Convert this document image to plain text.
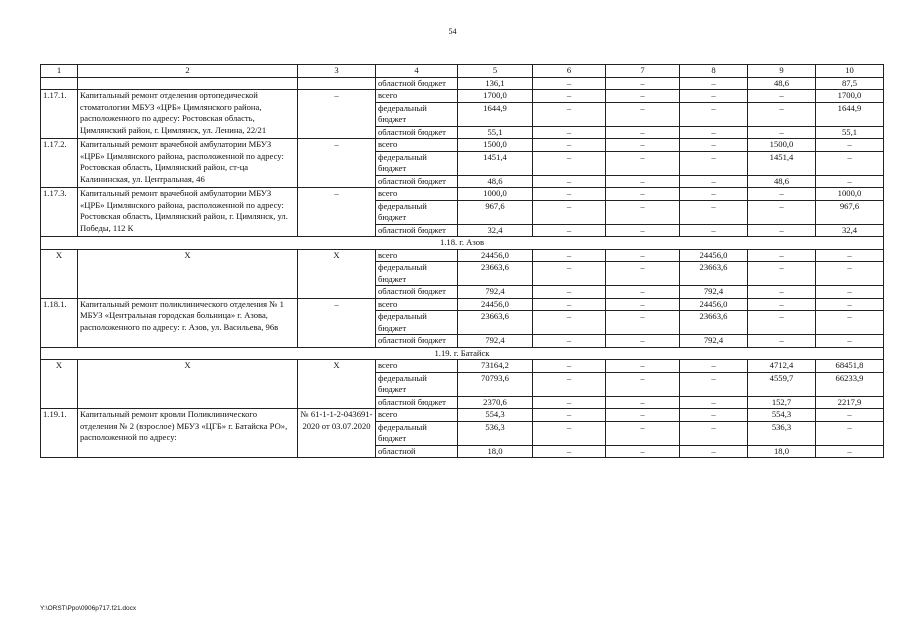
54
1	2	3	4	5	6	7	8	9	10
			областной бюджет	136,1	–	–	–	48,6	87,5
1.17.1.	Капитальный ремонт отделения ортопедической стоматологии МБУЗ «ЦРБ» Цимлянского района, расположенного по адресу: Ростовская область, Цимлянский район, г. Цимлянск, ул. Ленина, 22/21	–	всего	1700,0	–	–	–	–	1700,0
			федеральный бюджет	1644,9	–	–	–	–	1644,9
			областной бюджет	55,1	–	–	–	–	55,1
1.17.2.	Капитальный ремонт врачебной амбулатории МБУЗ «ЦРБ» Цимлянского района, расположенной по адресу: Ростовская область, Цимлянский район, ст-ца Калининская, ул. Центральная, 46	–	всего	1500,0	–	–	–	1500,0	–
			федеральный бюджет	1451,4	–	–	–	1451,4	–
			областной бюджет	48,6	–	–	–	48,6	–
1.17.3.	Капитальный ремонт врачебной амбулатории МБУЗ «ЦРБ» Цимлянского района, расположенной по адресу: Ростовская область, Цимлянский район, г. Цимлянск, ул. Победы, 112 К	–	всего	1000,0	–	–	–	–	1000,0
			федеральный бюджет	967,6	–	–	–	–	967,6
			областной бюджет	32,4	–	–	–	–	32,4
1.18. г. Азов									
Х	Х	Х	всего	24456,0	–	–	24456,0	–	–
			федеральный бюджет	23663,6	–	–	23663,6	–	–
			областной бюджет	792,4	–	–	792,4	–	–
1.18.1.	Капитальный ремонт поликлинического отделения № 1 МБУЗ «Центральная городская больница» г. Азова, расположенного по адресу: г. Азов, ул. Васильева, 96в	–	всего	24456,0	–	–	24456,0	–	–
			федеральный бюджет	23663,6	–	–	23663,6	–	–
			областной бюджет	792,4	–	–	792,4	–	–
1.19. г. Батайск									
Х	Х	Х	всего	73164,2	–	–	–	4712,4	68451,8
			федеральный бюджет	70793,6	–	–	–	4559,7	66233,9
			областной бюджет	2370,6	–	–	–	152,7	2217,9
1.19.1.	Капитальный ремонт кровли Поликлинического отделения № 2 (взрослое) МБУЗ «ЦГБ» г. Батайска РО», расположенной по адресу:	№ 61-1-1-2-043691-2020 от 03.07.2020	всего	554,3	–	–	–	554,3	–
			федеральный бюджет	536,3	–	–	–	536,3	–
			областной	18,0	–	–	–	18,0	–
Y:\ORST\Ppo\0906p717.f21.docx
